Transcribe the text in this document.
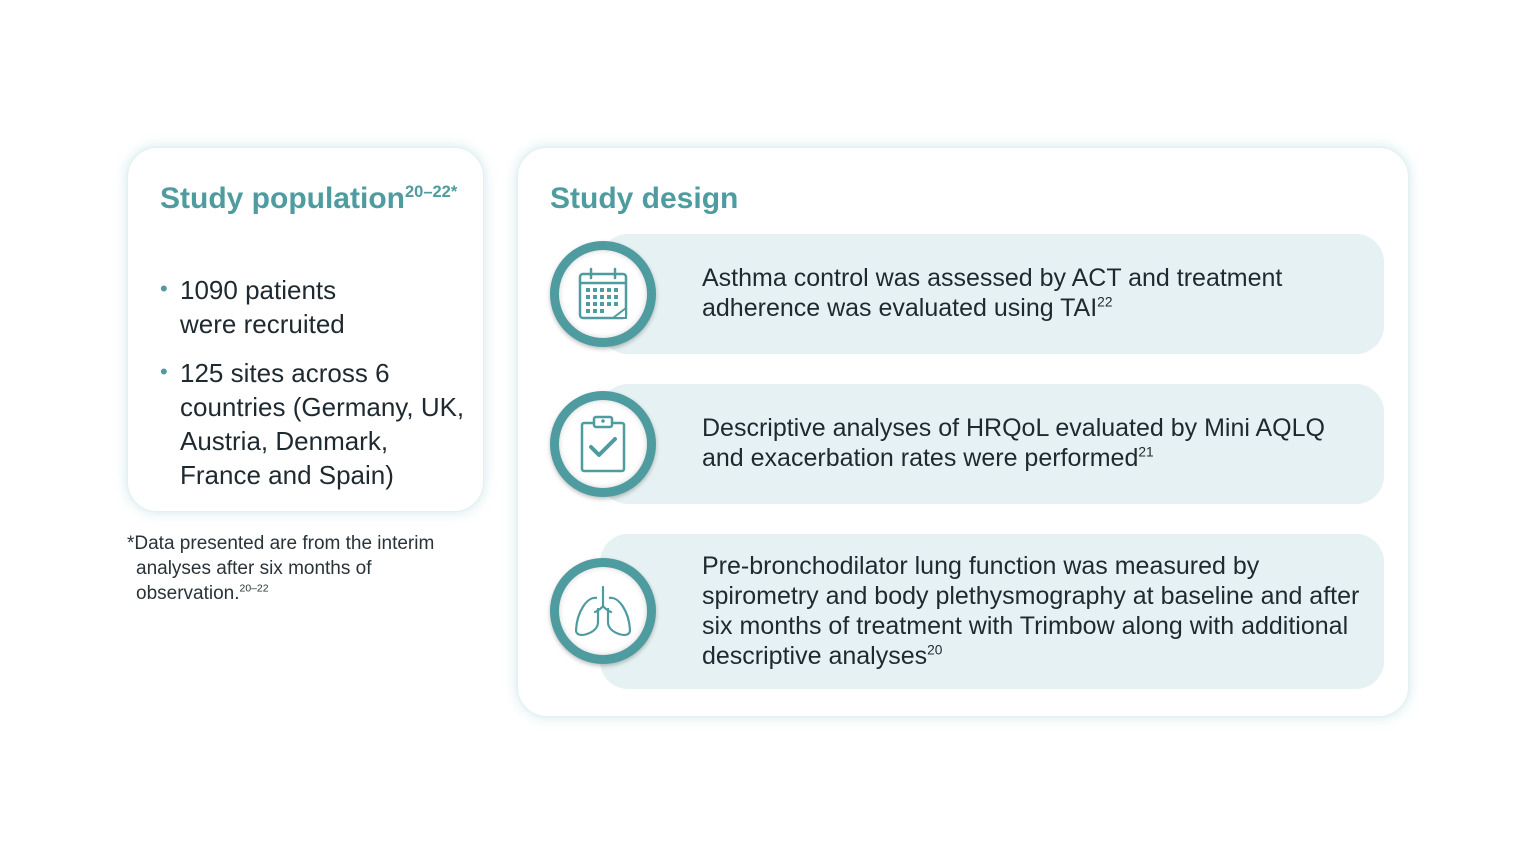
Study population$^{20-22*}$
• 1090 patients were recruited
• 125 sites across 6 countries (Germany, UK, Austria, Denmark, France and Spain)

*Data presented are from the interim analyses after six months of observation.$^{20-22}$

Study design

Asthma control was assessed by ACT and treatment adherence was evaluated using TAI$^{22}$

Descriptive analyses of HRQoL evaluated by Mini AQLQ and exacerbation rates were performed$^{21}$

Pre-bronchodilator lung function was measured by spirometry and body plethysmography at baseline and after six months of treatment with Trimbow along with additional descriptive analyses$^{20}$
